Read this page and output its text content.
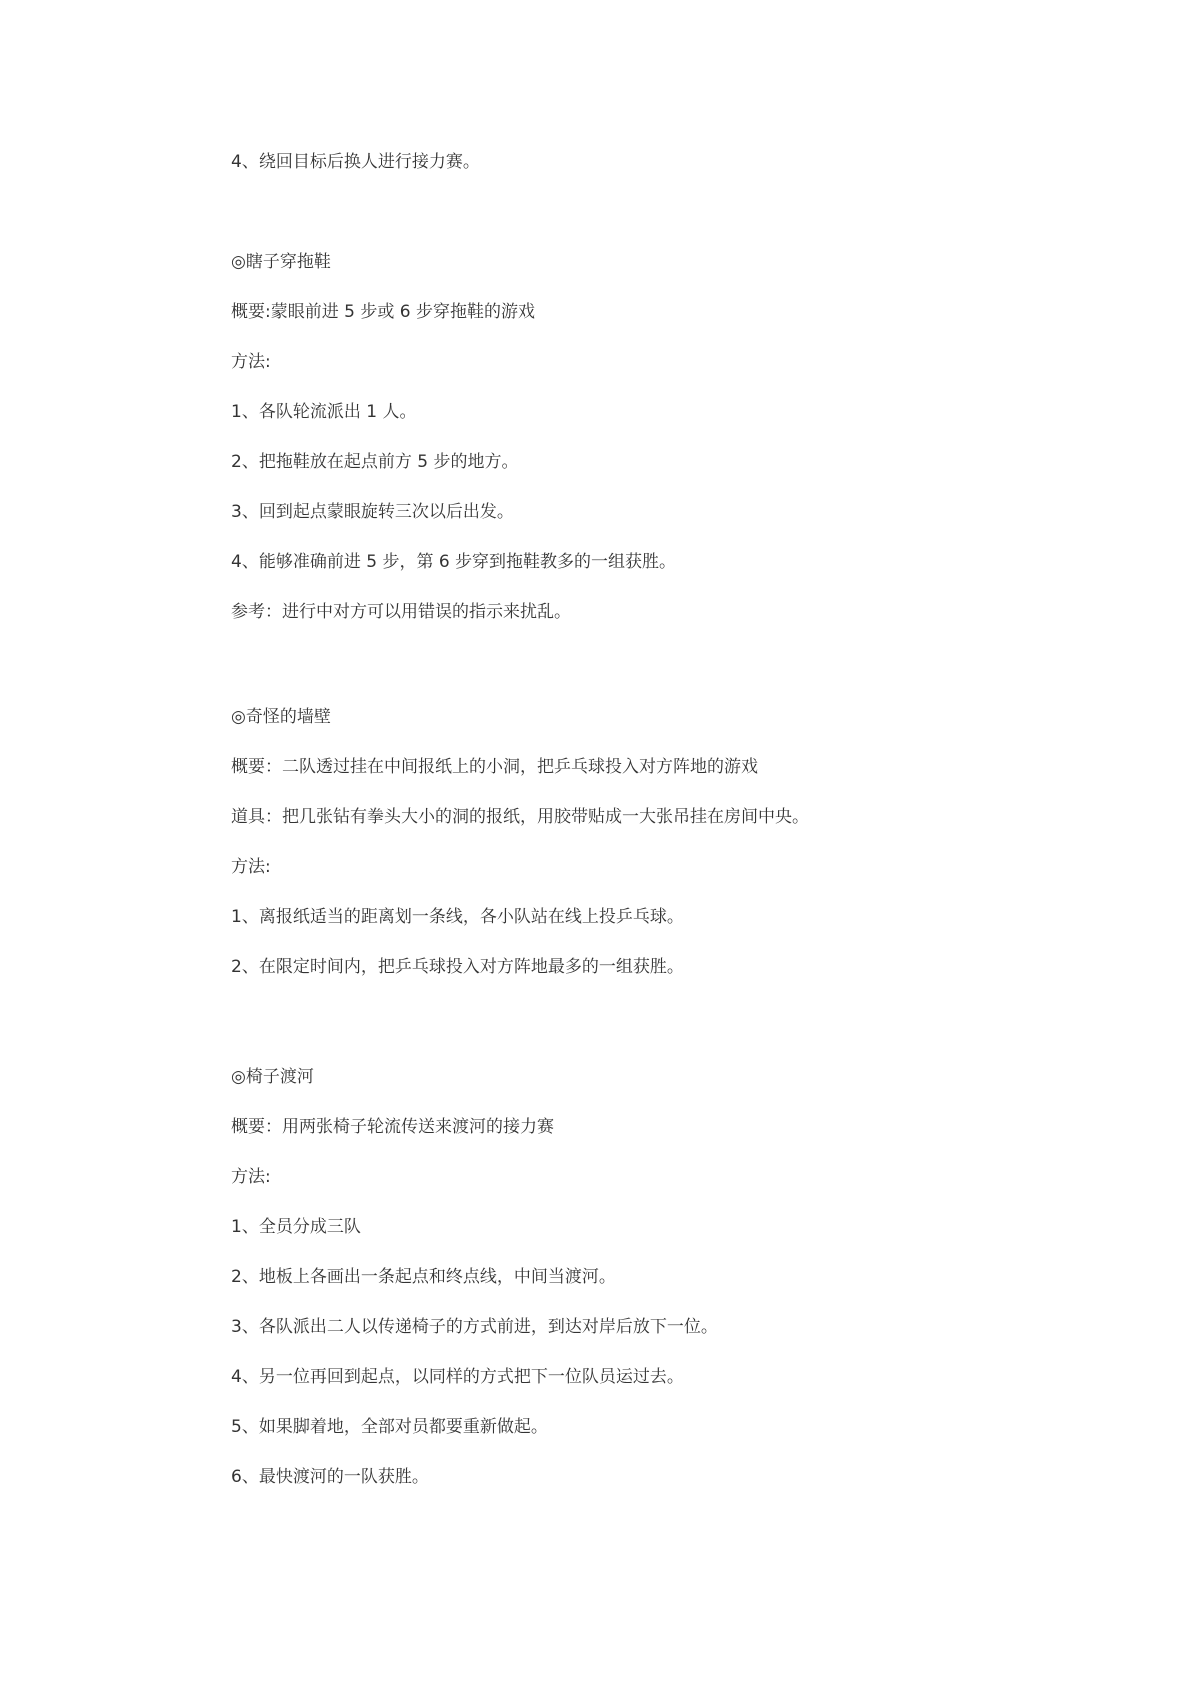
4、绕回目标后换人进行接力赛。
◎瞎子穿拖鞋
概要:蒙眼前进 5 步或 6 步穿拖鞋的游戏
方法:
1、各队轮流派出 1 人。
2、把拖鞋放在起点前方 5 步的地方。
3、回到起点蒙眼旋转三次以后出发。
4、能够准确前进 5 步，第 6 步穿到拖鞋教多的一组获胜。
参考：进行中对方可以用错误的指示来扰乱。
◎奇怪的墙壁
概要：二队透过挂在中间报纸上的小洞，把乒乓球投入对方阵地的游戏
道具：把几张钻有拳头大小的洞的报纸，用胶带贴成一大张吊挂在房间中央。
方法:
1、离报纸适当的距离划一条线，各小队站在线上投乒乓球。
2、在限定时间内，把乒乓球投入对方阵地最多的一组获胜。
◎椅子渡河
概要：用两张椅子轮流传送来渡河的接力赛
方法:
1、全员分成三队
2、地板上各画出一条起点和终点线，中间当渡河。
3、各队派出二人以传递椅子的方式前进，到达对岸后放下一位。
4、另一位再回到起点，以同样的方式把下一位队员运过去。
5、如果脚着地，全部对员都要重新做起。
6、最快渡河的一队获胜。
